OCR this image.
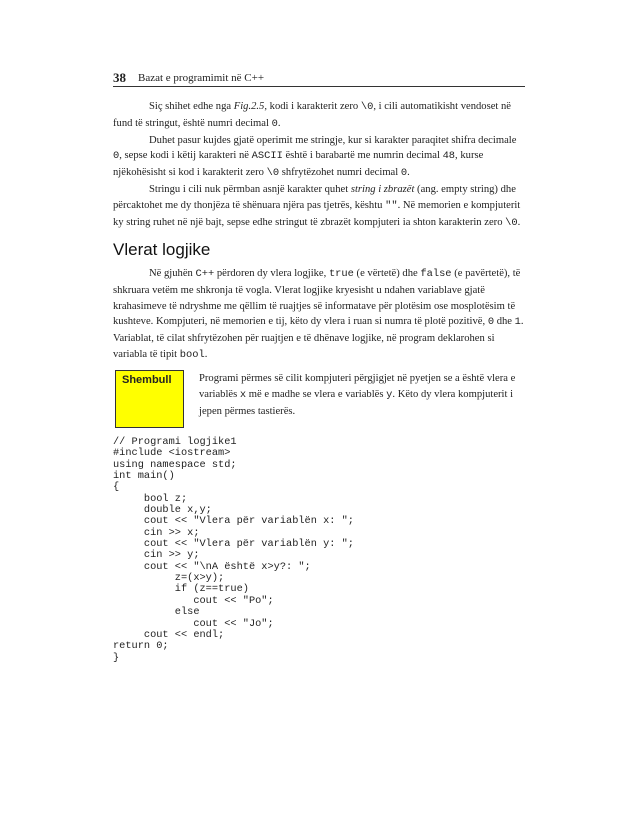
38 Bazat e programimit në C++

Siç shihet edhe nga Fig.2.5, kodi i karakterit zero \0, i cili automatikisht vendoset në fund të stringut, është numri decimal 0.

Duhet pasur kujdes gjatë operimit me stringje, kur si karakter paraqitet shifra decimale 0, sepse kodi i këtij karakteri në ASCII është i barabartë me numrin decimal 48, kurse njëkohësisht si kod i karakterit zero \0 shfrytëzohet numri decimal 0.

Stringu i cili nuk përmban asnjë karakter quhet string i zbrazët (ang. empty string) dhe përcaktohet me dy thonjëza të shënuara njëra pas tjetrës, kështu "". Në memorien e kompjuterit ky string ruhet në një bajt, sepse edhe stringut të zbrazët kompjuteri ia shton karakterin zero \0.

Vlerat logjike

Në gjuhën C++ përdoren dy vlera logjike, true (e vërtetë) dhe false (e pavërtetë), të shkruara vetëm me shkronja të vogla. Vlerat logjike kryesisht u ndahen variablave gjatë krahasimeve të ndryshme me qëllim të ruajtjes së informatave për plotësim ose mosplotësim të kushteve. Kompjuteri, në memorien e tij, këto dy vlera i ruan si numra të plotë pozitivë, 0 dhe 1. Variablat, të cilat shfrytëzohen për ruajtjen e të dhënave logjike, në program deklarohen si variabla të tipit bool.

Shembull	Programi përmes së cilit kompjuteri përgjigjet në pyetjen se a është vlera e variablës x më e madhe se vlera e variablës y. Këto dy vlera kompjuterit i jepen përmes tastierës.
// Programi logjike1
#include <iostream>
using namespace std;
int main()
{
bool z;
double x,y;
cout << "Vlera për variablën x: ";
cin >> x;
cout << "Vlera për variablën y: ";
cin >> y;
cout << "\nA është x>y?: ";
z=(x>y);
if (z==true)
cout << "Po";
else
cout << "Jo";
cout << endl;
return 0;
}
